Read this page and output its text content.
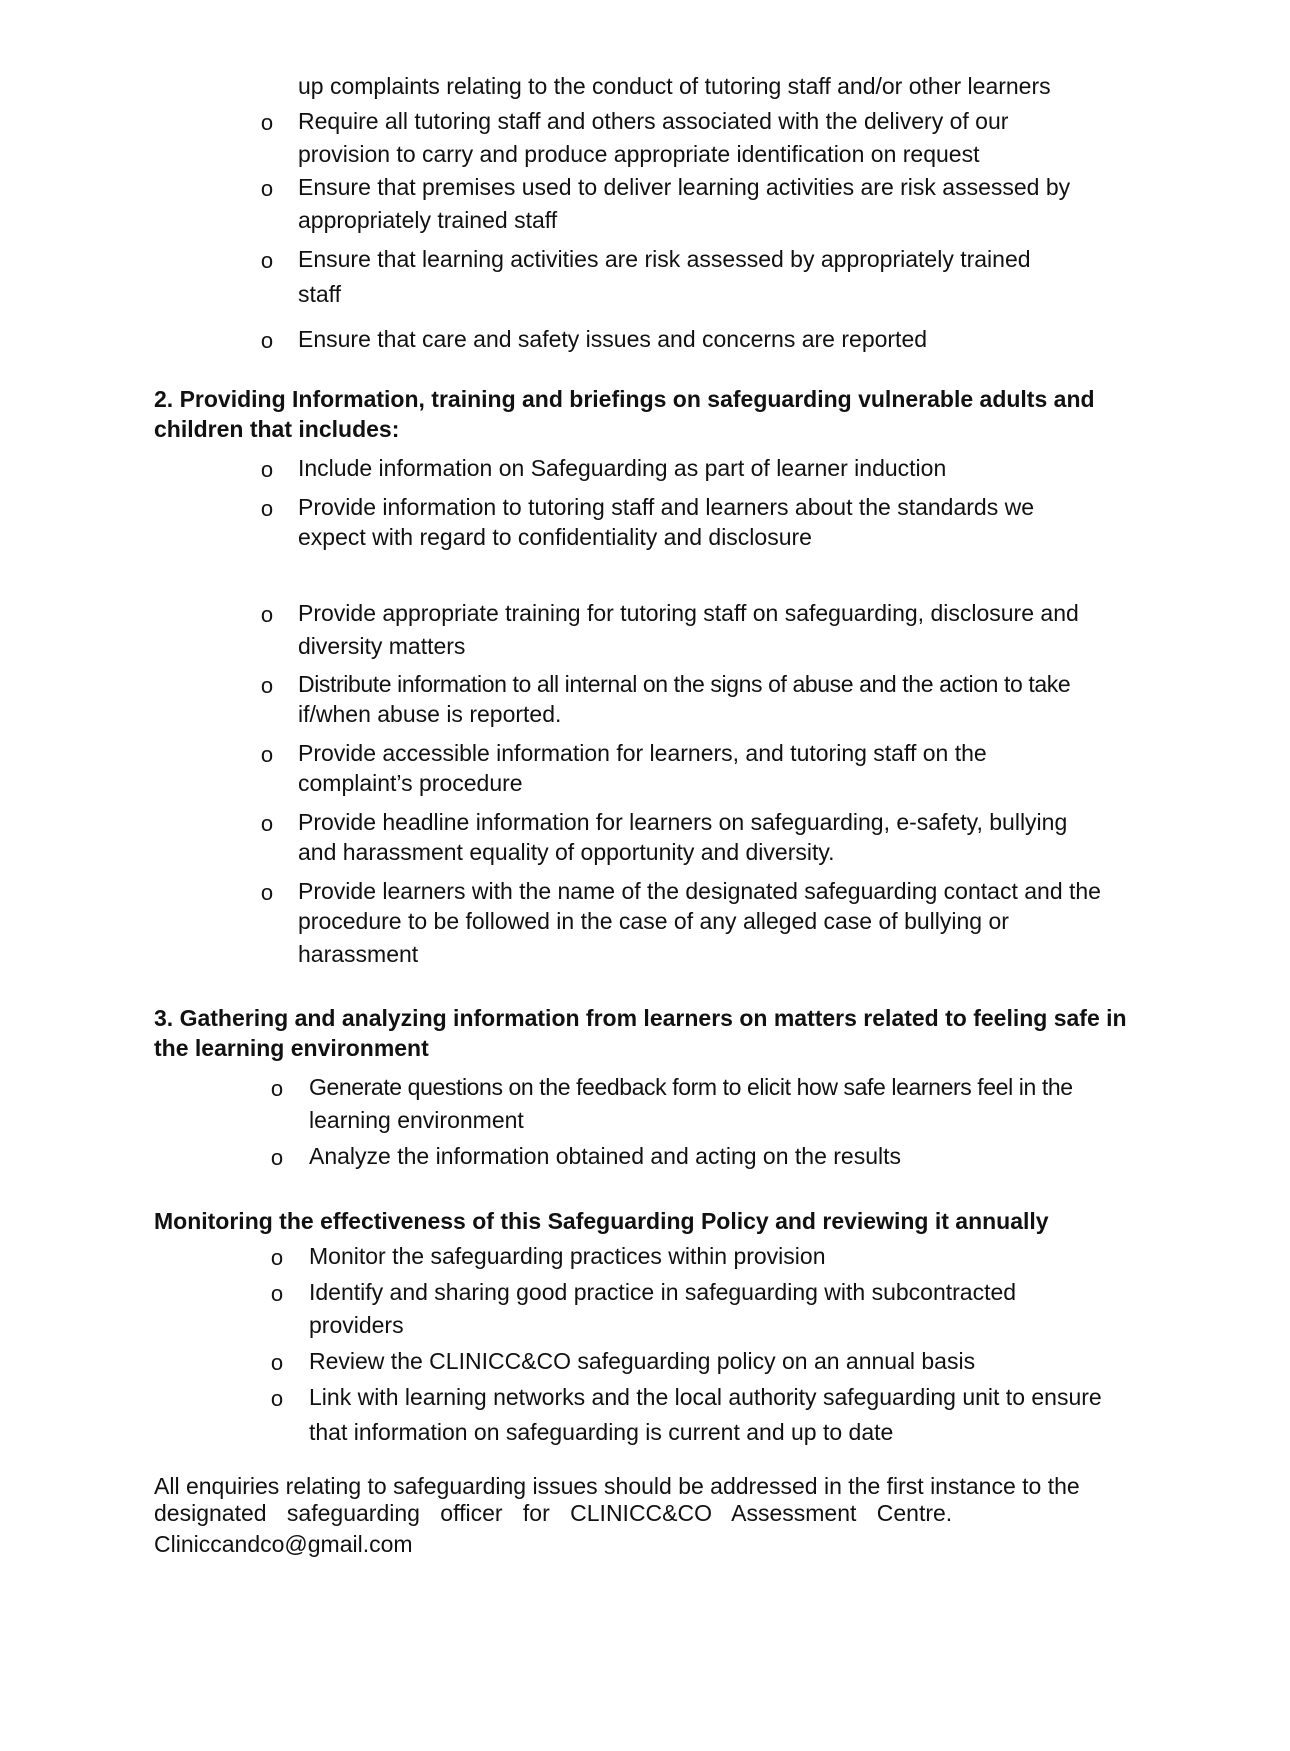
up complaints relating to the conduct of tutoring staff and/or other learners
o Require all tutoring staff and others associated with the delivery of our
provision to carry and produce appropriate identification on request
o Ensure that premises used to deliver learning activities are risk assessed by
appropriately trained staff
o Ensure that learning activities are risk assessed by appropriately trained
staff
o Ensure that care and safety issues and concerns are reported
2. Providing Information, training and briefings on safeguarding vulnerable adults and
children that includes:
o Include information on Safeguarding as part of learner induction
o Provide information to tutoring staff and learners about the standards we
expect with regard to confidentiality and disclosure
o Provide appropriate training for tutoring staff on safeguarding, disclosure and
diversity matters
o Distribute information to all internal on the signs of abuse and the action to take
if/when abuse is reported.
o Provide accessible information for learners, and tutoring staff on the
complaint’s procedure
o Provide headline information for learners on safeguarding, e-safety, bullying
and harassment equality of opportunity and diversity.
o Provide learners with the name of the designated safeguarding contact and the
procedure to be followed in the case of any alleged case of bullying or
harassment
3. Gathering and analyzing information from learners on matters related to feeling safe in
the learning environment
o Generate questions on the feedback form to elicit how safe learners feel in the
learning environment
o Analyze the information obtained and acting on the results
Monitoring the effectiveness of this Safeguarding Policy and reviewing it annually
o Monitor the safeguarding practices within provision
o Identify and sharing good practice in safeguarding with subcontracted
providers
o Review the CLINICC&CO safeguarding policy on an annual basis
o Link with learning networks and the local authority safeguarding unit to ensure
that information on safeguarding is current and up to date
All enquiries relating to safeguarding issues should be addressed in the first instance to the
designated safeguarding officer for CLINICC&CO Assessment Centre.
Cliniccandco@gmail.com
